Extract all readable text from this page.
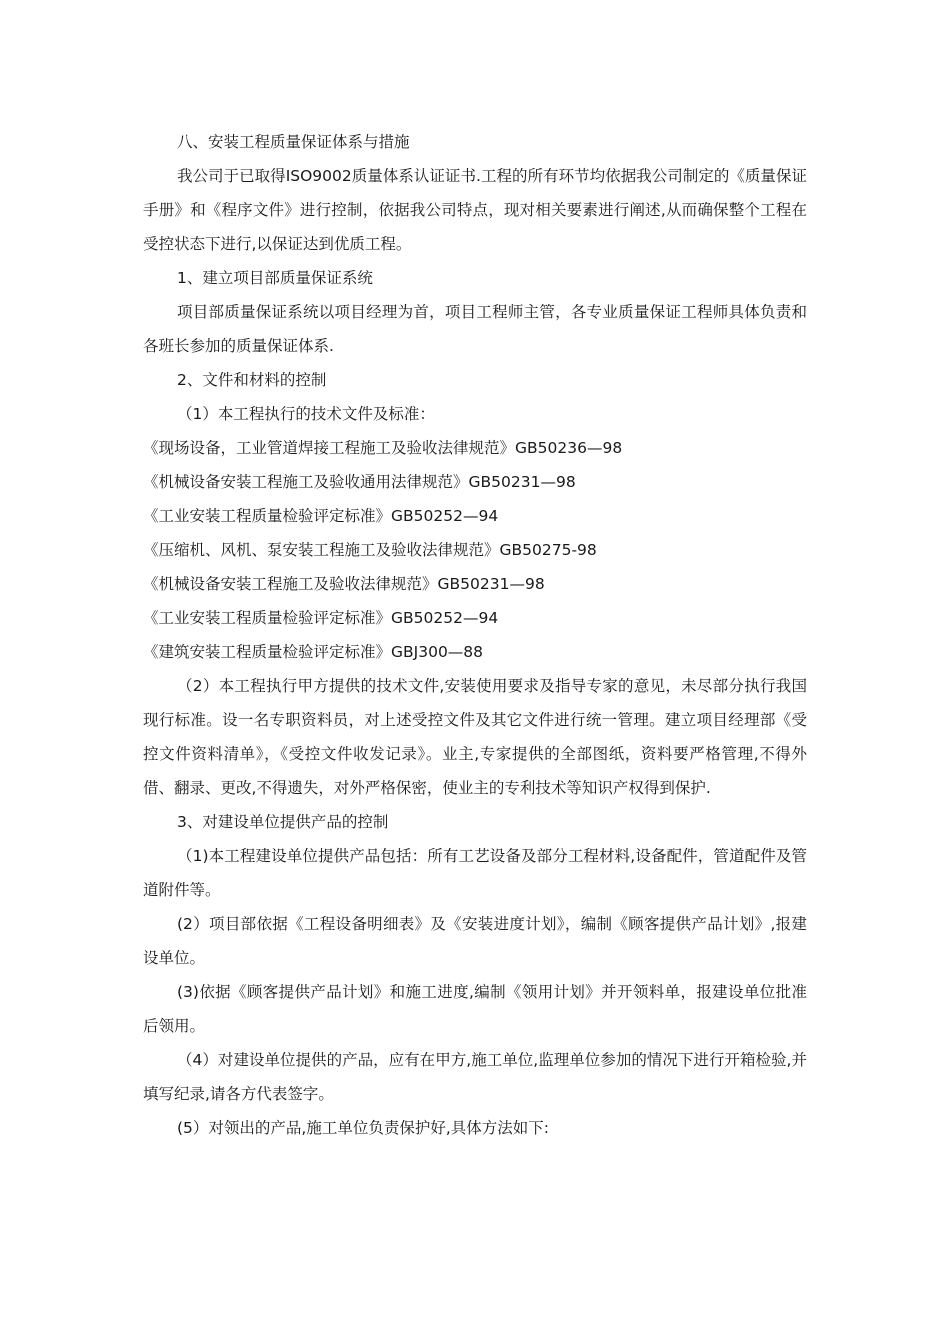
八、安装工程质量保证体系与措施

我公司于已取得ISO9002质量体系认证证书.工程的所有环节均依据我公司制定的《质量保证手册》和《程序文件》进行控制，依据我公司特点，现对相关要素进行阐述,从而确保整个工程在受控状态下进行,以保证达到优质工程。

1、建立项目部质量保证系统

项目部质量保证系统以项目经理为首，项目工程师主管，各专业质量保证工程师具体负责和各班长参加的质量保证体系.

2、文件和材料的控制

（1）本工程执行的技术文件及标准：

《现场设备，工业管道焊接工程施工及验收法律规范》GB50236—98

《机械设备安装工程施工及验收通用法律规范》GB50231—98

《工业安装工程质量检验评定标准》GB50252—94

《压缩机、风机、泵安装工程施工及验收法律规范》GB50275-98

《机械设备安装工程施工及验收法律规范》GB50231—98

《工业安装工程质量检验评定标准》GB50252—94

《建筑安装工程质量检验评定标准》GBJ300—88

（2）本工程执行甲方提供的技术文件,安装使用要求及指导专家的意见，未尽部分执行我国现行标准。设一名专职资料员，对上述受控文件及其它文件进行统一管理。建立项目经理部《受控文件资料清单》，《受控文件收发记录》。业主,专家提供的全部图纸，资料要严格管理,不得外借、翻录、更改,不得遗失，对外严格保密，使业主的专利技术等知识产权得到保护.

3、对建设单位提供产品的控制

（1)本工程建设单位提供产品包括：所有工艺设备及部分工程材料,设备配件，管道配件及管道附件等。

(2）项目部依据《工程设备明细表》及《安装进度计划》，编制《顾客提供产品计划》,报建设单位。

(3)依据《顾客提供产品计划》和施工进度,编制《领用计划》并开领料单，报建设单位批准后领用。

（4）对建设单位提供的产品，应有在甲方,施工单位,监理单位参加的情况下进行开箱检验,并填写纪录,请各方代表签字。

(5）对领出的产品,施工单位负责保护好,具体方法如下:
